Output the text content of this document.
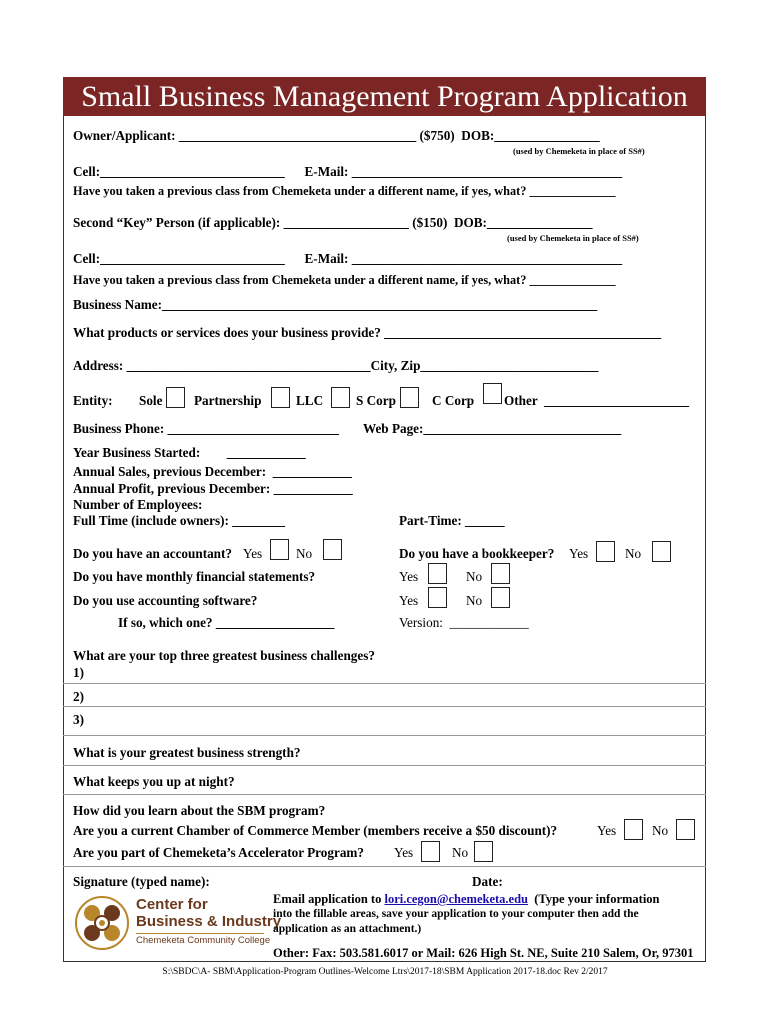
Small Business Management Program Application
Owner/Applicant: ____________________________________ ($750)  DOB:________________
(used by Chemeketa in place of SS#)
Cell:____________________________      E-Mail: _________________________________________
Have you taken a previous class from Chemeketa under a different name, if yes, what? ______________
Second “Key” Person (if applicable): ___________________ ($150)  DOB:________________
(used by Chemeketa in place of SS#)
Cell:____________________________      E-Mail: _________________________________________
Have you taken a previous class from Chemeketa under a different name, if yes, what? ______________
Business Name:__________________________________________________________________
What products or services does your business provide? __________________________________________
Address: _____________________________________City, Zip___________________________
Entity: Sole Partnership	LLC S Corp	C Corp Other ______________________
Business Phone: __________________________ Web Page:______________________________
Year Business Started:        ____________
Annual Sales, previous December:  ____________
Annual Profit, previous December: ____________
Number of Employees:
Full Time (include owners): ________	Part-Time: ______
Do you have an accountant? Yes	No	Do you have a bookkeeper? Yes	No
Do you have monthly financial statements?	Yes	No
Do you use accounting software?	Yes	No
If so, which one? __________________	Version:  ____________
What are your top three greatest business challenges?
1)
2)
3)
What is your greatest business strength?
What keeps you up at night?
How did you learn about the SBM program?
Are you a current Chamber of Commerce Member (members receive a $50 discount)?	Yes	No
Are you part of Chemeketa’s Accelerator Program? Yes	No
Signature (typed name):	Date:
Center for
Business & Industry
Chemeketa Community College
Email application to lori.cegon@chemeketa.edu  (Type your information
into the fillable areas, save your application to your computer then add the
application as an attachment.)
Other: Fax: 503.581.6017 or Mail: 626 High St. NE, Suite 210 Salem, Or, 97301
S:\SBDC\A- SBM\Application-Program Outlines-Welcome Ltrs\2017-18\SBM Application 2017-18.doc Rev 2/2017
